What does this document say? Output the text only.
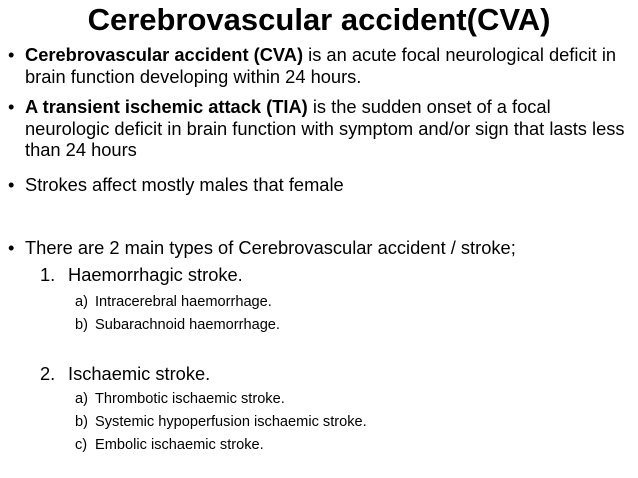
Cerebrovascular accident(CVA)
• Cerebrovascular accident (CVA) is an acute focal neurological deficit in brain function developing within 24 hours.
• A transient ischemic attack (TIA) is the sudden onset of a focal neurologic deficit in brain function with symptom and/or sign that lasts less than 24 hours
• Strokes affect mostly males that female
• There are 2 main types of Cerebrovascular accident / stroke;
1. Haemorrhagic stroke.
a) Intracerebral haemorrhage.
b) Subarachnoid haemorrhage.
2. Ischaemic stroke.
a) Thrombotic ischaemic stroke.
b) Systemic hypoperfusion ischaemic stroke.
c) Embolic ischaemic stroke.
